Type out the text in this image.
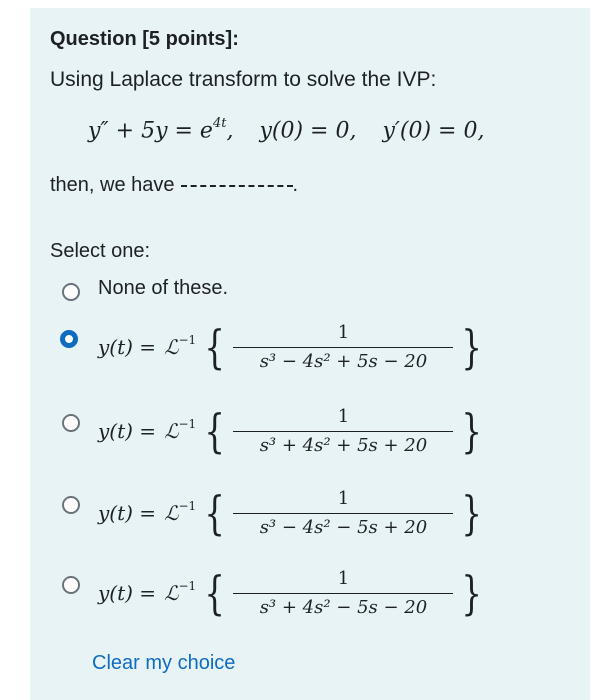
Question [5 points]:
Using Laplace transform to solve the IVP:
$y'' + 5y = e^{4t}$, y(0) = 0, y′(0) = 0,
then, we have	.
Select one:
None of these.
y(t) = ℒ$^{-1}$ { $\frac{1}{\text{s³ − 4s² + 5s − 20}}$ }
y(t) = ℒ$^{-1}$ { $\frac{1}{\text{s³ + 4s² + 5s + 20}}$ }
y(t) = ℒ$^{-1}$ { $\frac{1}{\text{s³ − 4s² − 5s + 20}}$ }
y(t) = ℒ$^{-1}$ { $\frac{1}{\text{s³ + 4s² − 5s − 20}}$ }
Clear my choice
